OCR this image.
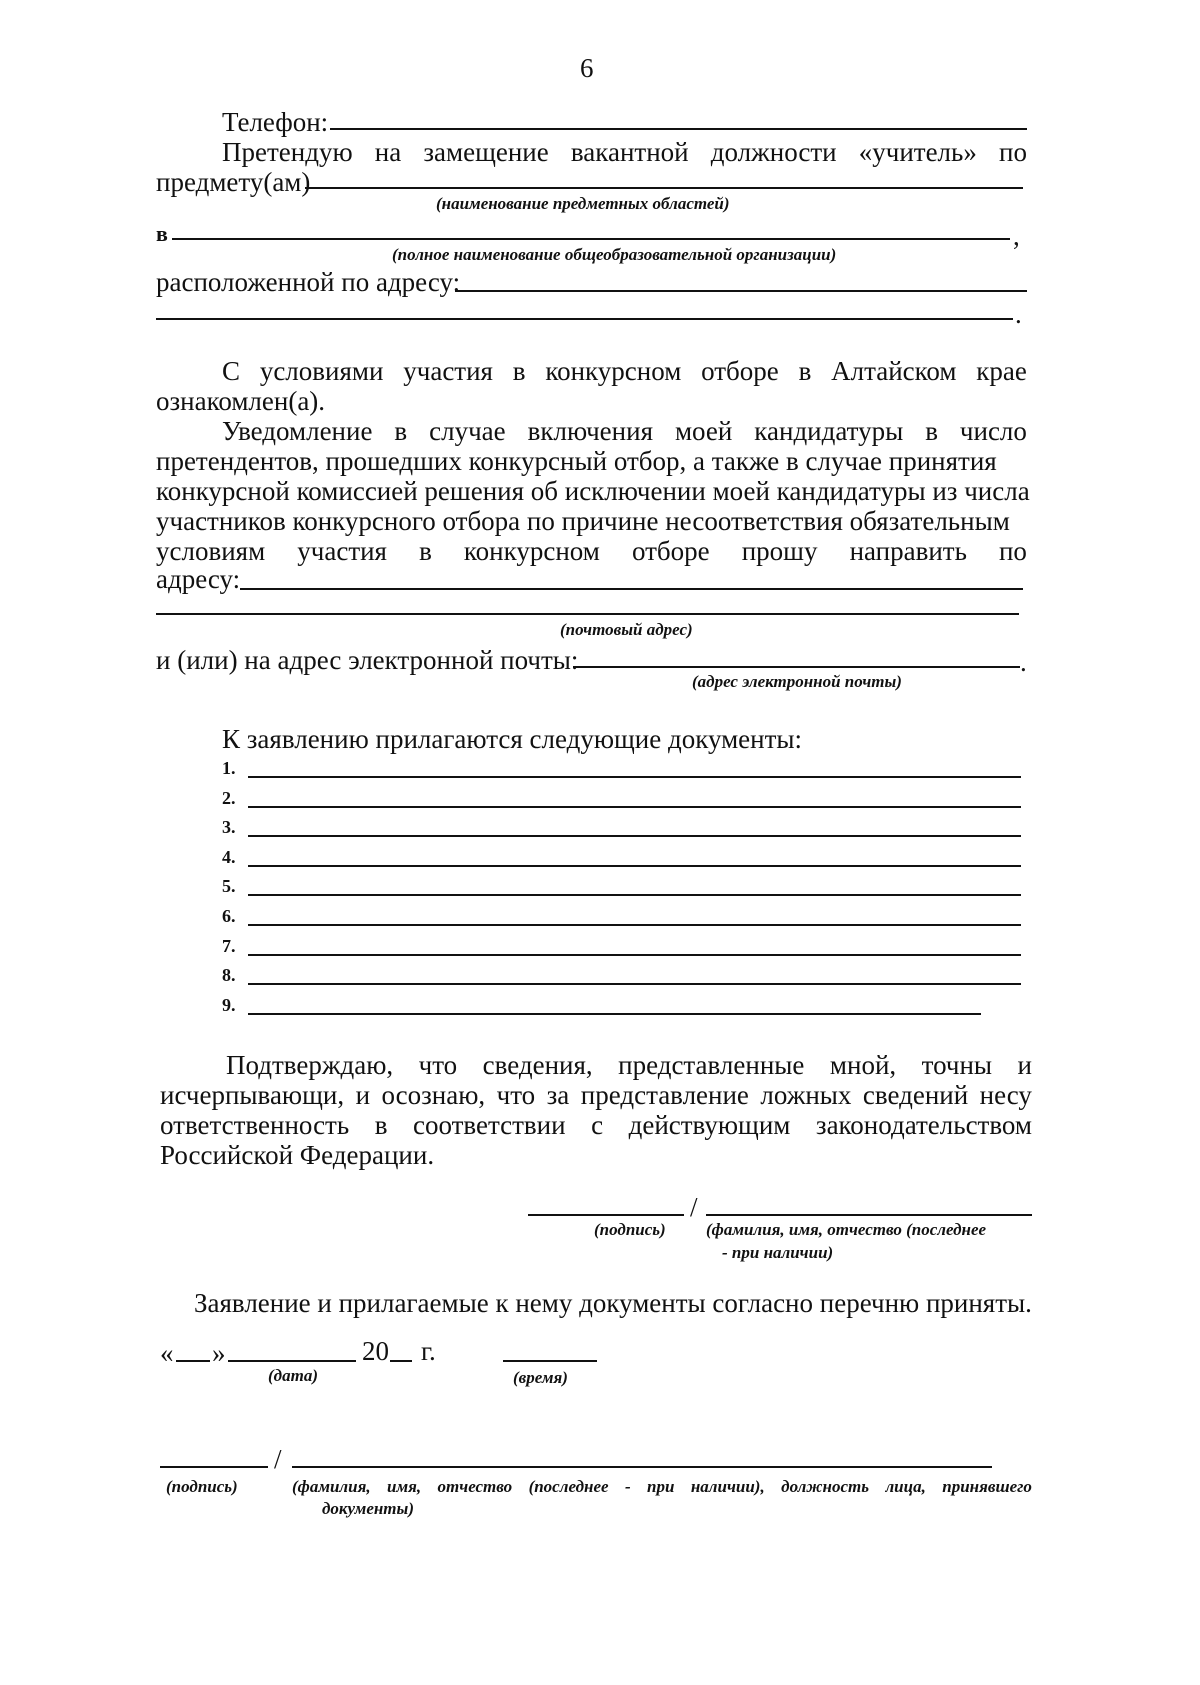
6
Телефон:
Претендую на замещение вакантной должности «учитель» по
предмету(ам)
(наименование предметных областей)
в	,
(полное наименование общеобразовательной организации)
расположенной по адресу:
.
С условиями участия в конкурсном отборе в Алтайском крае
ознакомлен(а).
Уведомление в случае включения моей кандидатуры в число
претендентов, прошедших конкурсный отбор, а также в случае принятия
конкурсной комиссией решения об исключении моей кандидатуры из числа
участников конкурсного отбора по причине несоответствия обязательным
условиям участия в конкурсном отборе прошу направить по
адресу:
(почтовый адрес)
и (или) на адрес электронной почты:	.
(адрес электронной почты)
К заявлению прилагаются следующие документы:
1.
2.
3.
4.
5.
6.
7.
8.
9.
Подтверждаю, что сведения, представленные мной, точны и
исчерпывающи, и осознаю, что за представление ложных сведений несу
ответственность в соответствии с действующим законодательством
Российской Федерации.
/
(подпись) (фамилия, имя, отчество (последнее
- при наличии)
Заявление и прилагаемые к нему документы согласно перечню приняты.
« »	20 г.
(дата)	(время)
/
(подпись)	(фамилия, имя, отчество (последнее - при наличии), должность лица, принявшего
документы)
